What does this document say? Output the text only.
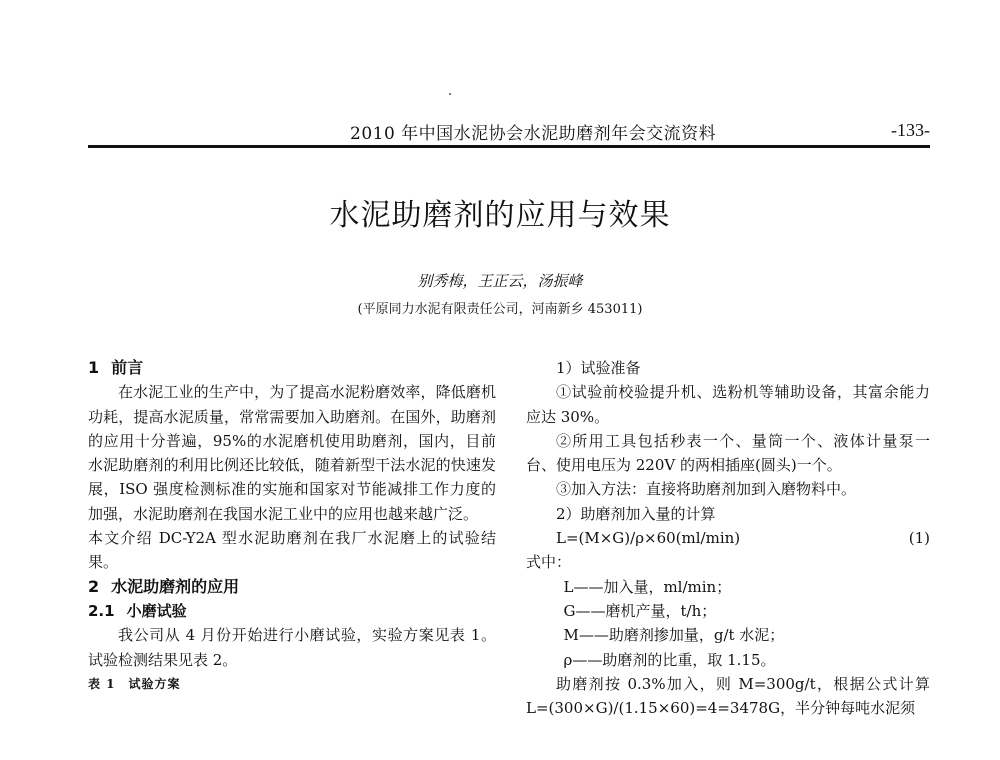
2010 年中国水泥协会水泥助磨剂年会交流资料	-133-
水泥助磨剂的应用与效果
别秀梅，王正云，汤振峰
(平原同力水泥有限责任公司，河南新乡 453011)

1 前言

在水泥工业的生产中，为了提高水泥粉磨效率，降低磨机功耗，提高水泥质量，常常需要加入助磨剂。在国外，助磨剂的应用十分普遍，95%的水泥磨机使用助磨剂，国内，目前水泥助磨剂的利用比例还比较低，随着新型干法水泥的快速发展，ISO 强度检测标准的实施和国家对节能减排工作力度的加强，水泥助磨剂在我国水泥工业中的应用也越来越广泛。

本文介绍 DC-Y2A 型水泥助磨剂在我厂水泥磨上的试验结果。

2 水泥助磨剂的应用

2.1 小磨试验

我公司从 4 月份开始进行小磨试验，实验方案见表 1。试验检测结果见表 2。

表 1　试验方案

1）试验准备

①试验前校验提升机、选粉机等辅助设备，其富余能力应达 30%。

②所用工具包括秒表一个、量筒一个、液体计量泵一台、使用电压为 220V 的两相插座(圆头)一个。

③加入方法：直接将助磨剂加到入磨物料中。

2）助磨剂加入量的计算

L=(M×G)/ρ×60(ml/min)	(1)

式中：

L——加入量，ml/min；

G——磨机产量，t/h；

M——助磨剂掺加量，g/t 水泥；

ρ——助磨剂的比重，取 1.15。

助磨剂按 0.3%加入，则 M=300g/t，根据公式计算 L=(300×G)/(1.15×60)=4=3478G，半分钟每吨水泥须
